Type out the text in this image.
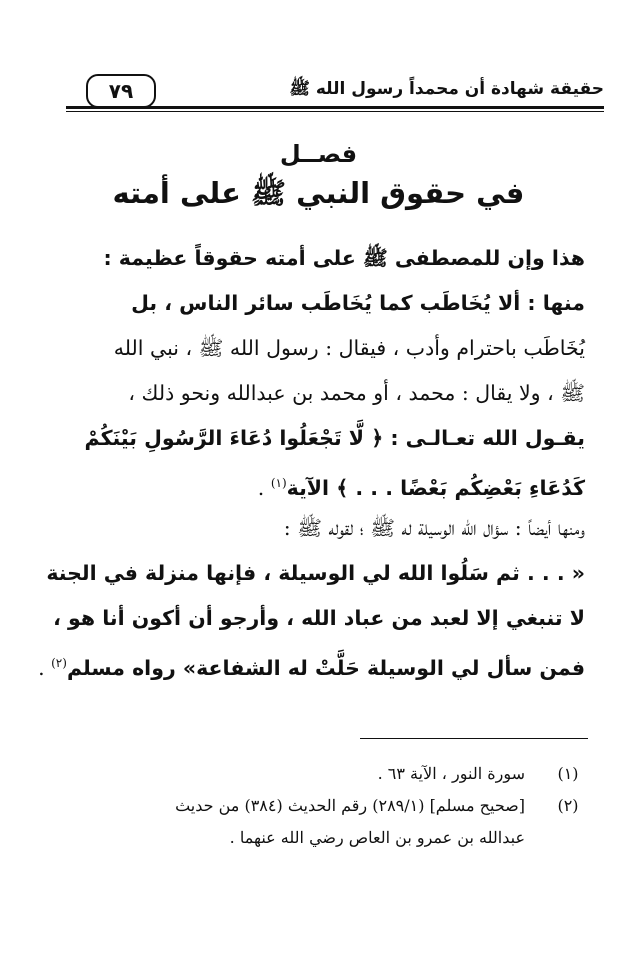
حقيقة شهادة أن محمداً رسول الله ﷺ
٧٩
فصــل
في حقوق النبي ﷺ على أمته
هذا وإن للمصطفى ﷺ على أمته حقوقاً عظيمة :
منها : ألا يُخَاطَب كما يُخَاطَب سائر الناس ، بل
يُخَاطَب باحترام وأدب ، فيقال : رسول الله ﷺ ، نبي الله
ﷺ ، ولا يقال : محمد ، أو محمد بن عبدالله ونحو ذلك ،
يقـول الله تعـالـى : ﴿ لَّا تَجْعَلُوا دُعَاءَ الرَّسُولِ بَيْنَكُمْ
كَدُعَاءِ بَعْضِكُم بَعْضًا . . . ﴾ الآية$^{(١)}$ .
ومنها أيضاً : سؤال الله الوسيلة له ﷺ ؛ لقوله ﷺ :
« . . . ثم سَلُوا الله لي الوسيلة ، فإنها منزلة في الجنة
لا تنبغي إلا لعبد من عباد الله ، وأرجو أن أكون أنا هو ،
فمن سأل لي الوسيلة حَلَّتْ له الشفاعة» رواه مسلم$^{(٢)}$ .

(١)
سورة النور ، الآية ٦٣ .

(٢)
[صحيح مسلم] (٢٨٩/١) رقم الحديث (٣٨٤) من حديث

عبدالله بن عمرو بن العاص رضي الله عنهما .
